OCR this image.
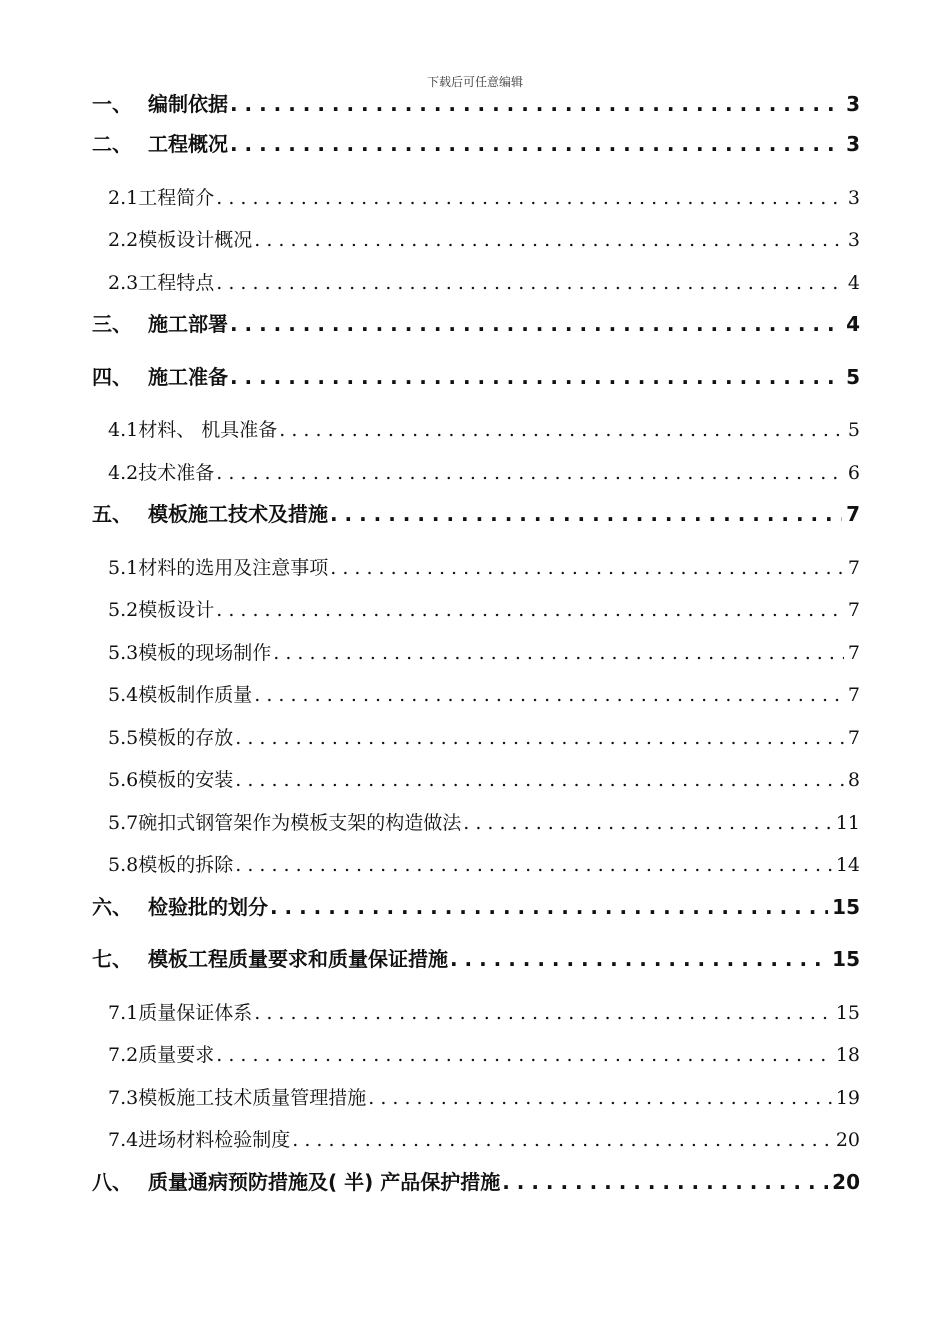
下载后可任意编辑
一、 编制依据 . . .	3
二、 工程概况 . . .	3
2.1 工程简介 . . .	3
2.2 模板设计概况 . . .	3
2.3 工程特点 . . .	4
三、 施工部署 . . .	4
四、 施工准备 . . .	5
4.1 材料、 机具准备 . . .	5
4.2 技术准备 . . .	6
五、 模板施工技术及措施 . . .	7
5.1 材料的选用及注意事项 . . .	7
5.2 模板设计 . . .	7
5.3 模板的现场制作 . . .	7
5.4 模板制作质量 . . .	7
5.5 模板的存放 . . .	7
5.6 模板的安装 . . .	8
5.7 碗扣式钢管架作为模板支架的构造做法 . . .	11
5.8 模板的拆除 . . .	14
六、 检验批的划分 . . .	15
七、 模板工程质量要求和质量保证措施 . . .	15
7.1 质量保证体系 . . .	15
7.2 质量要求 . . .	18
7.3 模板施工技术质量管理措施 . . .	19
7.4 进场材料检验制度 . . .	20
八、 质量通病预防措施及( 半) 产品保护措施 . . .	20
